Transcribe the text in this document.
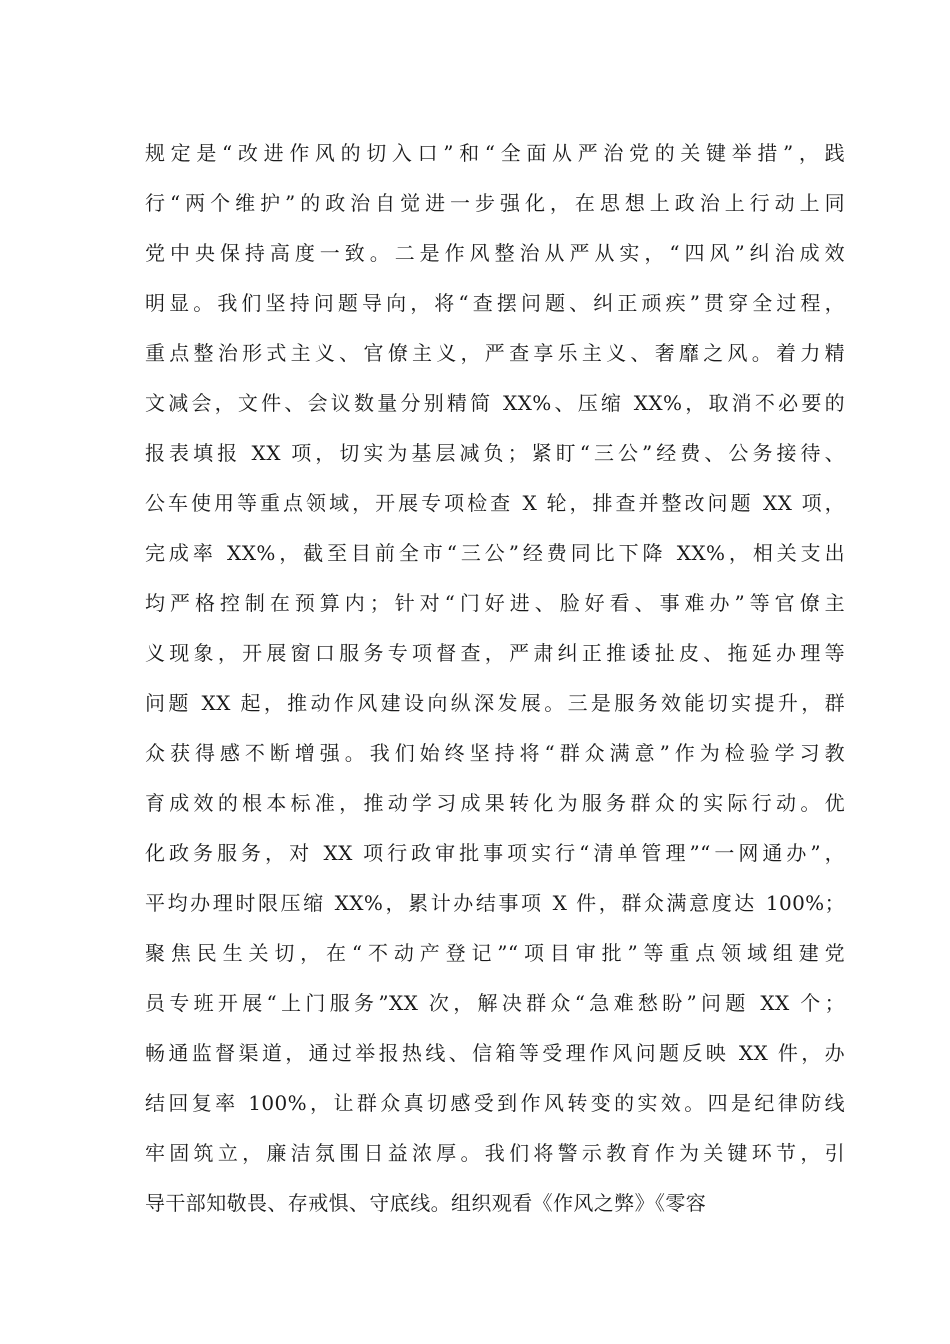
规定是“改进作风的切入口”和“全面从严治党的关键举措”，践
行“两个维护”的政治自觉进一步强化，在思想上政治上行动上同
党中央保持高度一致。二是作风整治从严从实，“四风”纠治成效
明显。我们坚持问题导向，将“查摆问题、纠正顽疾”贯穿全过程，
重点整治形式主义、官僚主义，严查享乐主义、奢靡之风。着力精
文减会，文件、会议数量分别精简 XX%、压缩 XX%，取消不必要的
报表填报 XX 项，切实为基层减负；紧盯“三公”经费、公务接待、
公车使用等重点领域，开展专项检查 X 轮，排查并整改问题 XX 项，
完成率 XX%，截至目前全市“三公”经费同比下降 XX%，相关支出
均严格控制在预算内；针对“门好进、脸好看、事难办”等官僚主
义现象，开展窗口服务专项督查，严肃纠正推诿扯皮、拖延办理等
问题 XX 起，推动作风建设向纵深发展。三是服务效能切实提升，群
众获得感不断增强。我们始终坚持将“群众满意”作为检验学习教
育成效的根本标准，推动学习成果转化为服务群众的实际行动。优
化政务服务，对 XX 项行政审批事项实行“清单管理”“一网通办”，
平均办理时限压缩 XX%，累计办结事项 X 件，群众满意度达 100%；
聚焦民生关切，在“不动产登记”“项目审批”等重点领域组建党
员专班开展“上门服务”XX 次，解决群众“急难愁盼”问题 XX 个；
畅通监督渠道，通过举报热线、信箱等受理作风问题反映 XX 件，办
结回复率 100%，让群众真切感受到作风转变的实效。四是纪律防线
牢固筑立，廉洁氛围日益浓厚。我们将警示教育作为关键环节，引
导干部知敬畏、存戒惧、守底线。组织观看《作风之弊》《零容
